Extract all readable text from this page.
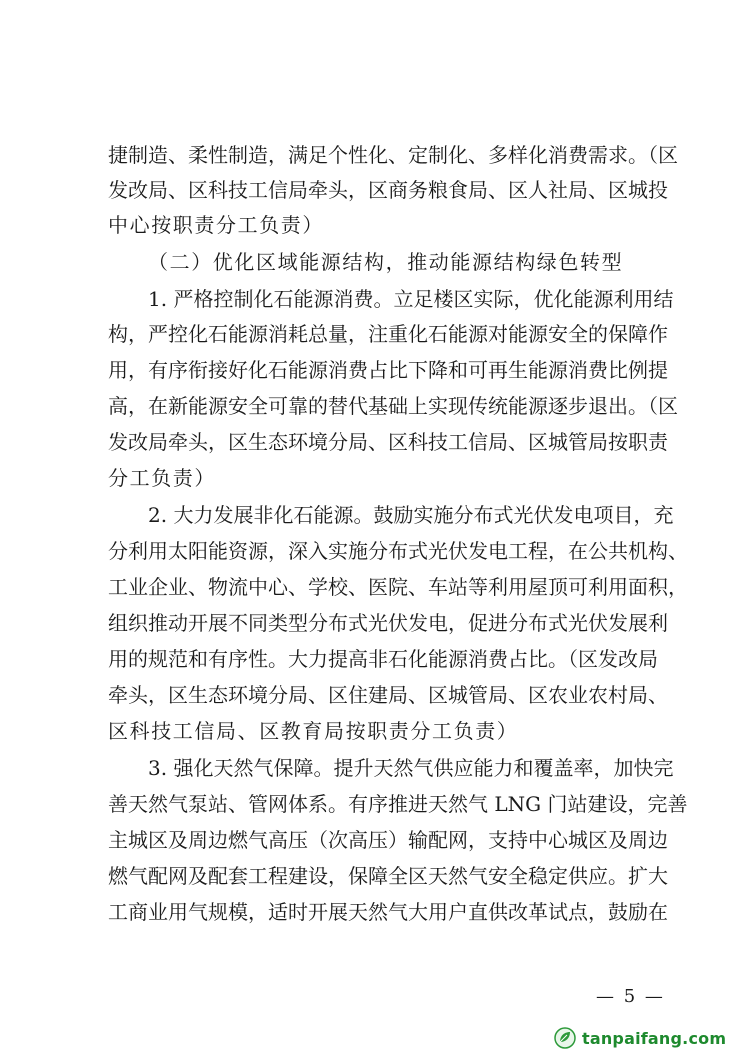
捷制造、柔性制造，满足个性化、定制化、多样化消费需求。（区
发改局、区科技工信局牵头，区商务粮食局、区人社局、区城投
中心按职责分工负责）
（二）优化区域能源结构，推动能源结构绿色转型
1. 严格控制化石能源消费。立足楼区实际，优化能源利用结
构，严控化石能源消耗总量，注重化石能源对能源安全的保障作
用，有序衔接好化石能源消费占比下降和可再生能源消费比例提
高，在新能源安全可靠的替代基础上实现传统能源逐步退出。（区
发改局牵头，区生态环境分局、区科技工信局、区城管局按职责
分工负责）
2. 大力发展非化石能源。鼓励实施分布式光伏发电项目，充
分利用太阳能资源，深入实施分布式光伏发电工程，在公共机构、
工业企业、物流中心、学校、医院、车站等利用屋顶可利用面积，
组织推动开展不同类型分布式光伏发电，促进分布式光伏发展利
用的规范和有序性。大力提高非石化能源消费占比。（区发改局
牵头，区生态环境分局、区住建局、区城管局、区农业农村局、
区科技工信局、区教育局按职责分工负责）
3. 强化天然气保障。提升天然气供应能力和覆盖率，加快完
善天然气泵站、管网体系。有序推进天然气 LNG 门站建设，完善
主城区及周边燃气高压（次高压）输配网，支持中心城区及周边
燃气配网及配套工程建设，保障全区天然气安全稳定供应。扩大
工商业用气规模，适时开展天然气大用户直供改革试点，鼓励在
— 5 —
tanpaifang.com
